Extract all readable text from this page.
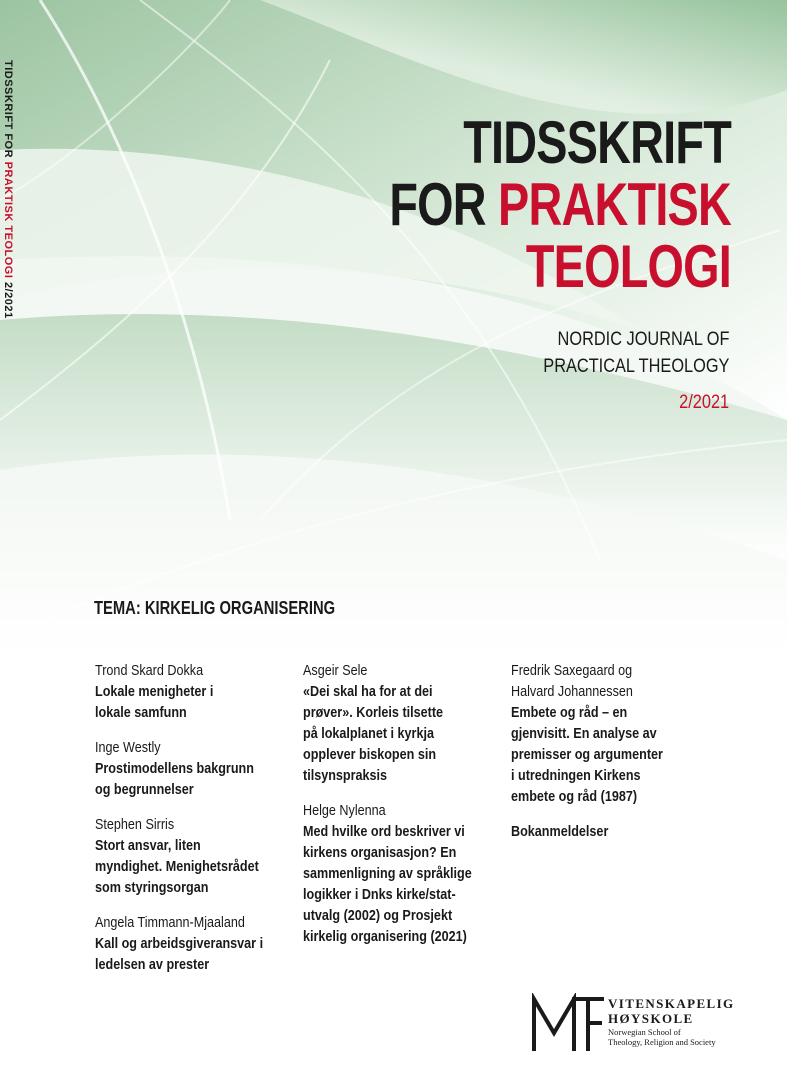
TIDSSKRIFT FOR PRAKTISK TEOLOGI 2/2021
TIDSSKRIFT
FOR PRAKTISK
TEOLOGI
NORDIC JOURNAL OF
PRACTICAL THEOLOGY
2/2021
TEMA: KIRKELIG ORGANISERING
Trond Skard Dokka
Lokale menigheter i
lokale samfunn
Inge Westly
Prostimodellens bakgrunn
og begrunnelser
Stephen Sirris
Stort ansvar, liten
myndighet. Menighetsrådet
som styringsorgan
Angela Timmann-Mjaaland
Kall og arbeidsgiveransvar i
ledelsen av prester
Asgeir Sele
«Dei skal ha for at dei
prøver». Korleis tilsette
på lokalplanet i kyrkja
opplever biskopen sin
tilsynspraksis
Helge Nylenna
Med hvilke ord beskriver vi
kirkens organisasjon? En
sammenligning av språklige
logikker i Dnks kirke/stat-
utvalg (2002) og Prosjekt
kirkelig organisering (2021)
Fredrik Saxegaard og
Halvard Johannessen
Embete og råd – en
gjenvisitt. En analyse av
premisser og argumenter
i utredningen Kirkens
embete og råd (1987)
Bokanmeldelser
VITENSKAPELIG
HØYSKOLE
Norwegian School of
Theology, Religion and Society
